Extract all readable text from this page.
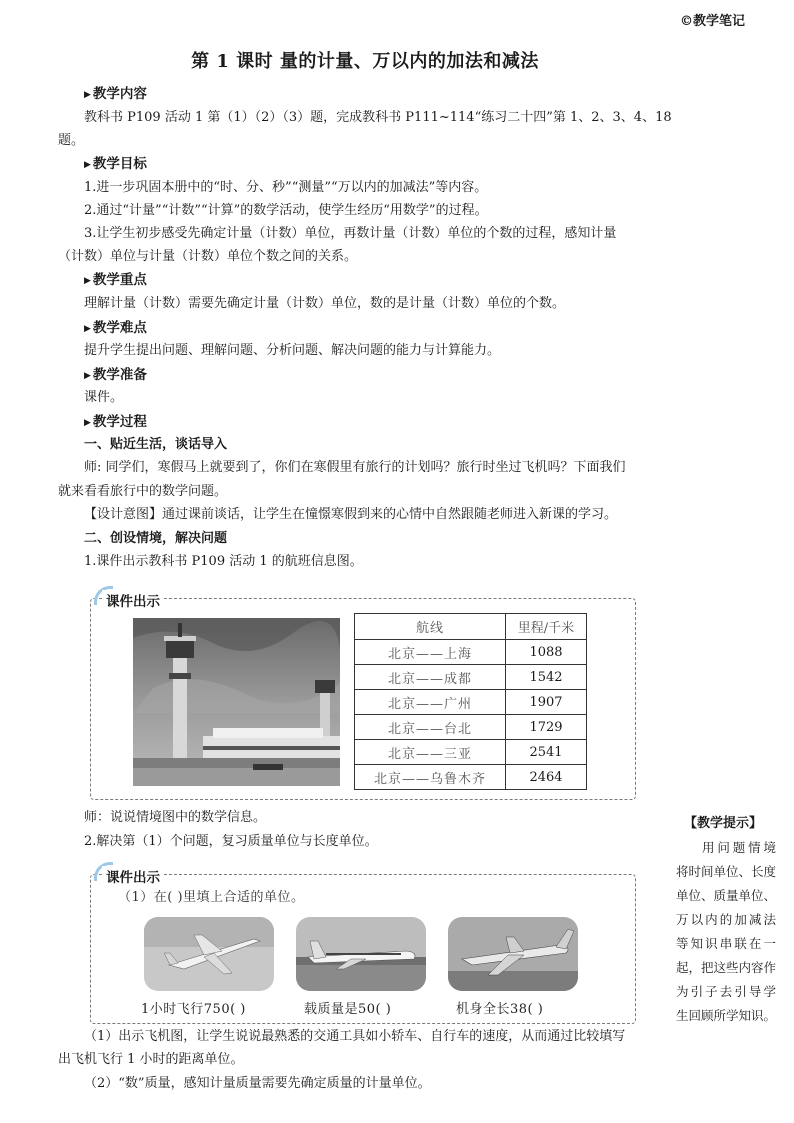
©教学笔记
第 1 课时 量的计量、万以内的加法和减法
▶ 教学内容
教科书 P109 活动 1 第（1）（2）（3）题，完成教科书 P111~114“练习二十四”第 1、2、3、4、18
题。
▶ 教学目标
1.进一步巩固本册中的“时、分、秒”“测量”“万以内的加减法”等内容。
2.通过“计量”“计数”“计算”的数学活动，使学生经历“用数学”的过程。
3.让学生初步感受先确定计量（计数）单位，再数计量（计数）单位的个数的过程，感知计量
（计数）单位与计量（计数）单位个数之间的关系。
▶ 教学重点
理解计量（计数）需要先确定计量（计数）单位，数的是计量（计数）单位的个数。
▶ 教学难点
提升学生提出问题、理解问题、分析问题、解决问题的能力与计算能力。
▶ 教学准备
课件。
▶ 教学过程
一、贴近生活，谈话导入
师: 同学们，寒假马上就要到了，你们在寒假里有旅行的计划吗？旅行时坐过飞机吗？下面我们
就来看看旅行中的数学问题。
【设计意图】通过课前谈话，让学生在憧憬寒假到来的心情中自然跟随老师进入新课的学习。
二、创设情境，解决问题
1.课件出示教科书 P109 活动 1 的航班信息图。
课件出示
航线	里程/千米
北京——上海	1088
北京——成都	1542
北京——广州	1907
北京——台北	1729
北京——三亚	2541
北京——乌鲁木齐	2464
师：说说情境图中的数学信息。
2.解决第（1）个问题，复习质量单位与长度单位。
【教学提示】
用问题情境
将时间单位、长度
单位、质量单位、
万以内的加减法
等知识串联在一
起，把这些内容作
为引子去引导学
生回顾所学知识。
课件出示
（1）在( )里填上合适的单位。
1小时飞行750( )	载质量是50( )	机身全长38( )
（1）出示飞机图，让学生说说最熟悉的交通工具如小轿车、自行车的速度，从而通过比较填写
出飞机飞行 1 小时的距离单位。
（2）“数”质量，感知计量质量需要先确定质量的计量单位。
